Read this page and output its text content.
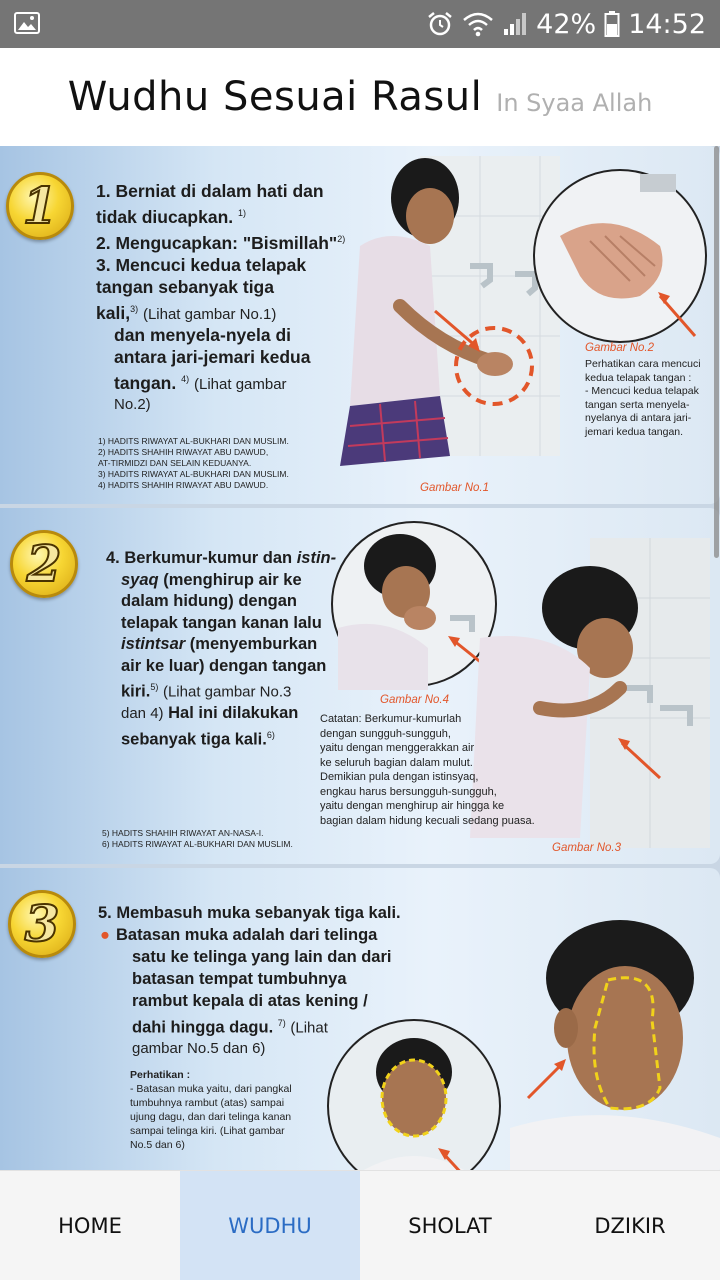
42% 14:52
Wudhu Sesuai Rasul In Syaa Allah
1 1. Berniat di dalam hati dan
tidak diucapkan. $^{1)}$
2. Mengucapkan: "Bismillah"$^{2)}$
3. Mencuci kedua telapak
tangan sebanyak tiga
kali,$^{3)}$ (Lihat gambar No.1)
dan menyela-nyela di
antara jari-jemari kedua
tangan. $^{4)}$ (Lihat gambar
No.2)
1) HADITS RIWAYAT AL-BUKHARI DAN MUSLIM.
2) HADITS SHAHIH RIWAYAT ABU DAWUD,
AT-TIRMIDZI DAN SELAIN KEDUANYA.
3) HADITS RIWAYAT AL-BUKHARI DAN MUSLIM.
4) HADITS SHAHIH RIWAYAT ABU DAWUD.
Gambar No.2
Perhatikan cara mencuci
kedua telapak tangan :
- Mencuci kedua telapak
tangan serta menyela-
nyelanya di antara jari-
jemari kedua tangan.
Gambar No.1
2	4. Berkumur-kumur dan istin-
syaq (menghirup air ke
dalam hidung) dengan
telapak tangan kanan lalu
istintsar (menyemburkan
air ke luar) dengan tangan
kiri.$^{5)}$ (Lihat gambar No.3
dan 4) Hal ini dilakukan
sebanyak tiga kali.$^{6)}$
5) HADITS SHAHIH RIWAYAT AN-NASA-I.
6) HADITS RIWAYAT AL-BUKHARI DAN MUSLIM.
Gambar No.4
Catatan: Berkumur-kumurlah
dengan sungguh-sungguh,
yaitu dengan menggerakkan air
ke seluruh bagian dalam mulut.
Demikian pula dengan istinsyaq,
engkau harus bersungguh-sungguh,
yaitu dengan menghirup air hingga ke
bagian dalam hidung kecuali sedang puasa.
Gambar No.3
3 5. Membasuh muka sebanyak tiga kali.
● Batasan muka adalah dari telinga
satu ke telinga yang lain dan dari
batasan tempat tumbuhnya
rambut kepala di atas kening /
dahi hingga dagu. $^{7)}$ (Lihat
gambar No.5 dan 6)
Perhatikan :
- Batasan muka yaitu, dari pangkal
tumbuhnya rambut (atas) sampai
ujung dagu, dan dari telinga kanan
sampai telinga kiri. (Lihat gambar
No.5 dan 6)
HOME	WUDHU	SHOLAT	DZIKIR
